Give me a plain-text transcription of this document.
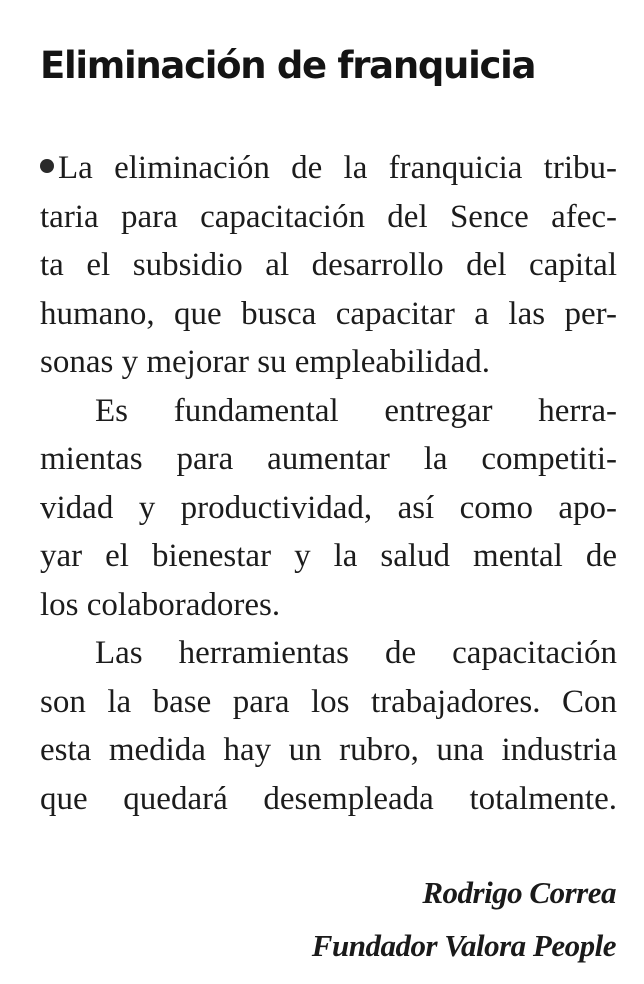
Eliminación de franquicia
La eliminación de la franquicia tribu-
taria para capacitación del Sence afec-
ta el subsidio al desarrollo del capital
humano, que busca capacitar a las per-
sonas y mejorar su empleabilidad.
Es fundamental entregar herra-
mientas para aumentar la competiti-
vidad y productividad, así como apo-
yar el bienestar y la salud mental de
los colaboradores.
Las herramientas de capacitación
son la base para los trabajadores. Con
esta medida hay un rubro, una industria
que quedará desempleada totalmente.
Rodrigo Correa
Fundador Valora People
